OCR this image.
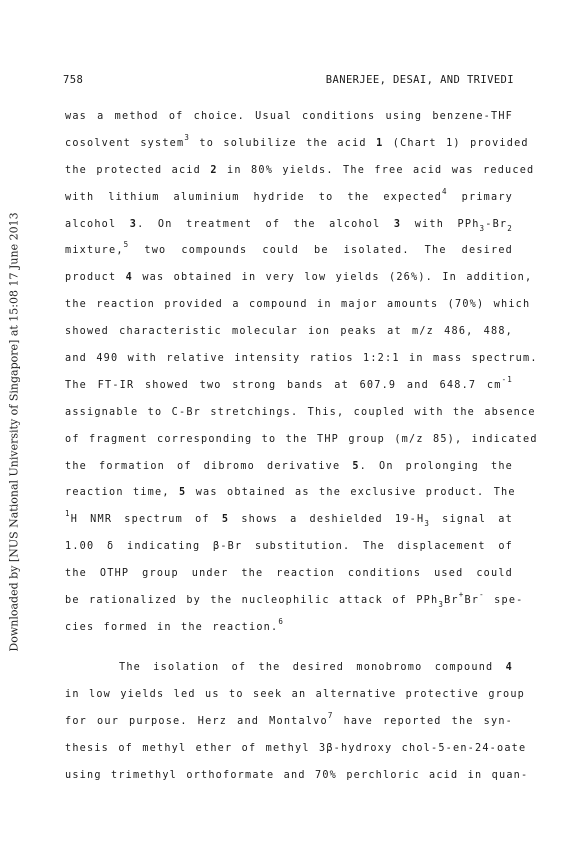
Downloaded by [NUS National University of Singapore] at 15:08 17 June 2013
758	BANERJEE, DESAI, AND TRIVEDI
was a method of choice. Usual conditions using benzene-THF
cosolvent system$^3$ to solubilize the acid 1 (Chart 1) provided
the protected acid 2 in 80% yields. The free acid was reduced
with lithium aluminium hydride to the expected$^4$ primary
alcohol 3. On treatment of the alcohol 3 with $PPh_3-Br_2$
mixture,$^5$ two compounds could be isolated. The desired
product 4 was obtained in very low yields (26%). In addition,
the reaction provided a compound in major amounts (70%) which
showed characteristic molecular ion peaks at m/z 486, 488,
and 490 with relative intensity ratios 1:2:1 in mass spectrum.
The FT-IR showed two strong bands at 607.9 and 648.7 $cm^{-1}$
assignable to C-Br stretchings. This, coupled with the absence
of fragment corresponding to the THP group (m/z 85), indicated
the formation of dibromo derivative 5. On prolonging the
reaction time, 5 was obtained as the exclusive product. The
$^1$H NMR spectrum of 5 shows a deshielded $19-H_3$ signal at
1.00 δ indicating β-Br substitution. The displacement of
the OTHP group under the reaction conditions used could
be rationalized by the nucleophilic attack of PPh$_3$Br+Br- spe-
cies formed in the reaction.$^6$
The isolation of the desired monobromo compound 4
in low yields led us to seek an alternative protective group
for our purpose. Herz and Montalvo$^7$ have reported the syn-
thesis of methyl ether of methyl 3β-hydroxy chol-5-en-24-oate
using trimethyl orthoformate and 70% perchloric acid in quan-
